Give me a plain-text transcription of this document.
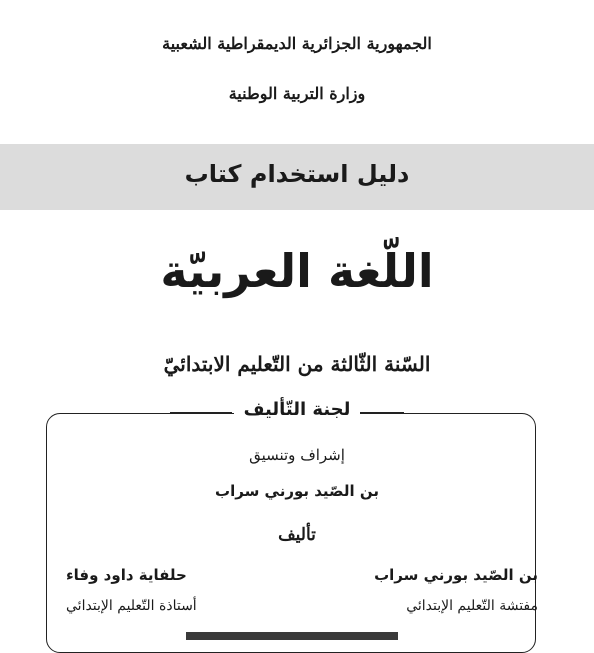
الجمهورية الجزائرية الديمقراطية الشعبية
وزارة التربية الوطنية
دليل استخدام كتاب
اللّغة العربيّة
السّنة الثّالثة من التّعليم الابتدائيّ
لجنة التّأليف
إشراف وتنسيق
بن الصّيد بورني سراب
تأليف
بن الصّيد بورني سراب
مفتشة التّعليم الإبتدائي
حلفاية داود وفاء
أستاذة التّعليم الإبتدائي
